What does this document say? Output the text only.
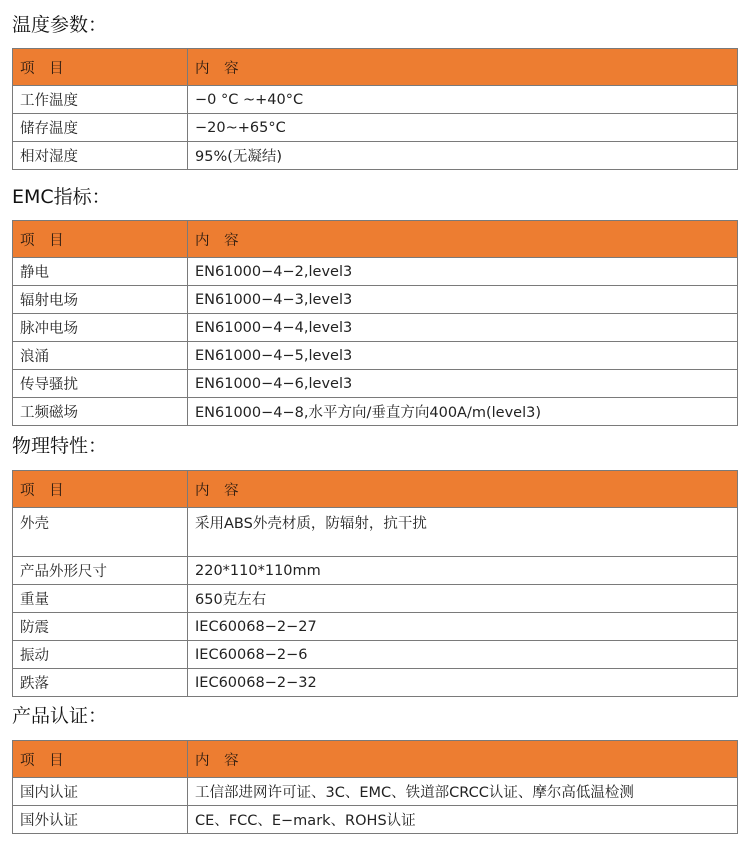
温度参数：
项 目	内 容
工作温度	−0 °C ~+40°C
储存温度	−20~+65°C
相对湿度	95%(无凝结)
EMC指标：
项 目	内 容
静电	EN61000−4−2,level3
辐射电场	EN61000−4−3,level3
脉冲电场	EN61000−4−4,level3
浪涌	EN61000−4−5,level3
传导骚扰	EN61000−4−6,level3
工频磁场	EN61000−4−8,水平方向/垂直方向400A/m(level3)
物理特性：
项 目	内 容
外壳	采用ABS外壳材质，防辐射，抗干扰
产品外形尺寸	220*110*110mm
重量	650克左右
防震	IEC60068−2−27
振动	IEC60068−2−6
跌落	IEC60068−2−32
产品认证：
项 目	内 容
国内认证	工信部进网许可证、3C、EMC、铁道部CRCC认证、摩尔高低温检测
国外认证	CE、FCC、E−mark、ROHS认证
